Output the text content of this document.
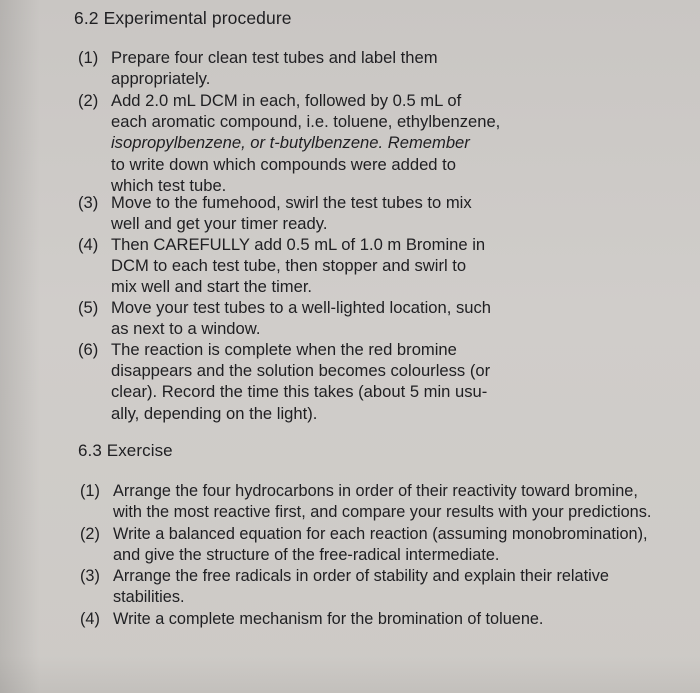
6.2 Experimental procedure
(1) Prepare four clean test tubes and label them
appropriately.
(2) Add 2.0 mL DCM in each, followed by 0.5 mL of
each aromatic compound, i.e. toluene, ethylbenzene,
isopropylbenzene, or t-butylbenzene. Remember
to write down which compounds were added to
which test tube.
(3) Move to the fumehood, swirl the test tubes to mix
well and get your timer ready.
(4) Then CAREFULLY add 0.5 mL of 1.0 m Bromine in
DCM to each test tube, then stopper and swirl to
mix well and start the timer.
(5) Move your test tubes to a well-lighted location, such
as next to a window.
(6) The reaction is complete when the red bromine
disappears and the solution becomes colourless (or
clear). Record the time this takes (about 5 min usu-
ally, depending on the light).
6.3 Exercise
(1) Arrange the four hydrocarbons in order of their reactivity toward bromine,
with the most reactive first, and compare your results with your predictions.
(2) Write a balanced equation for each reaction (assuming monobromination),
and give the structure of the free-radical intermediate.
(3) Arrange the free radicals in order of stability and explain their relative
stabilities.
(4) Write a complete mechanism for the bromination of toluene.
